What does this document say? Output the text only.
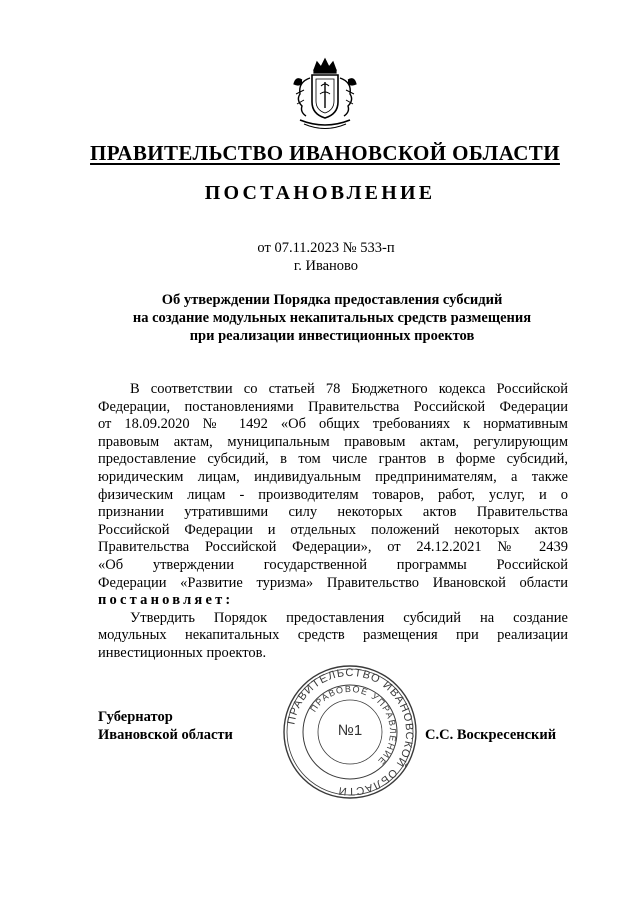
ПРАВИТЕЛЬСТВО ИВАНОВСКОЙ ОБЛАСТИ
ПОСТАНОВЛЕНИЕ
от 07.11.2023 № 533-п
г. Иваново
Об утверждении Порядка предоставления субсидий
на создание модульных некапитальных средств размещения
при реализации инвестиционных проектов
В соответствии со статьей 78 Бюджетного кодекса Российской
Федерации, постановлениями Правительства Российской Федерации
от 18.09.2020 № 1492 «Об общих требованиях к нормативным
правовым актам, муниципальным правовым актам, регулирующим
предоставление субсидий, в том числе грантов в форме субсидий,
юридическим лицам, индивидуальным предпринимателям, а также
физическим лицам - производителям товаров, работ, услуг, и о
признании утратившими силу некоторых актов Правительства
Российской Федерации и отдельных положений некоторых актов
Правительства Российской Федерации», от 24.12.2021 № 2439
«Об утверждении государственной программы Российской
Федерации «Развитие туризма» Правительство Ивановской области
постановляет:
Утвердить Порядок предоставления субсидий на создание
модульных некапитальных средств размещения при реализации
инвестиционных проектов.
Губернатор
Ивановской области
ПРАВИТЕЛЬСТВО ИВАНОВСКОЙ ОБЛАСТИ
ПРАВОВОЕ УПРАВЛЕНИЕ
№1	С.С. Воскресенский
